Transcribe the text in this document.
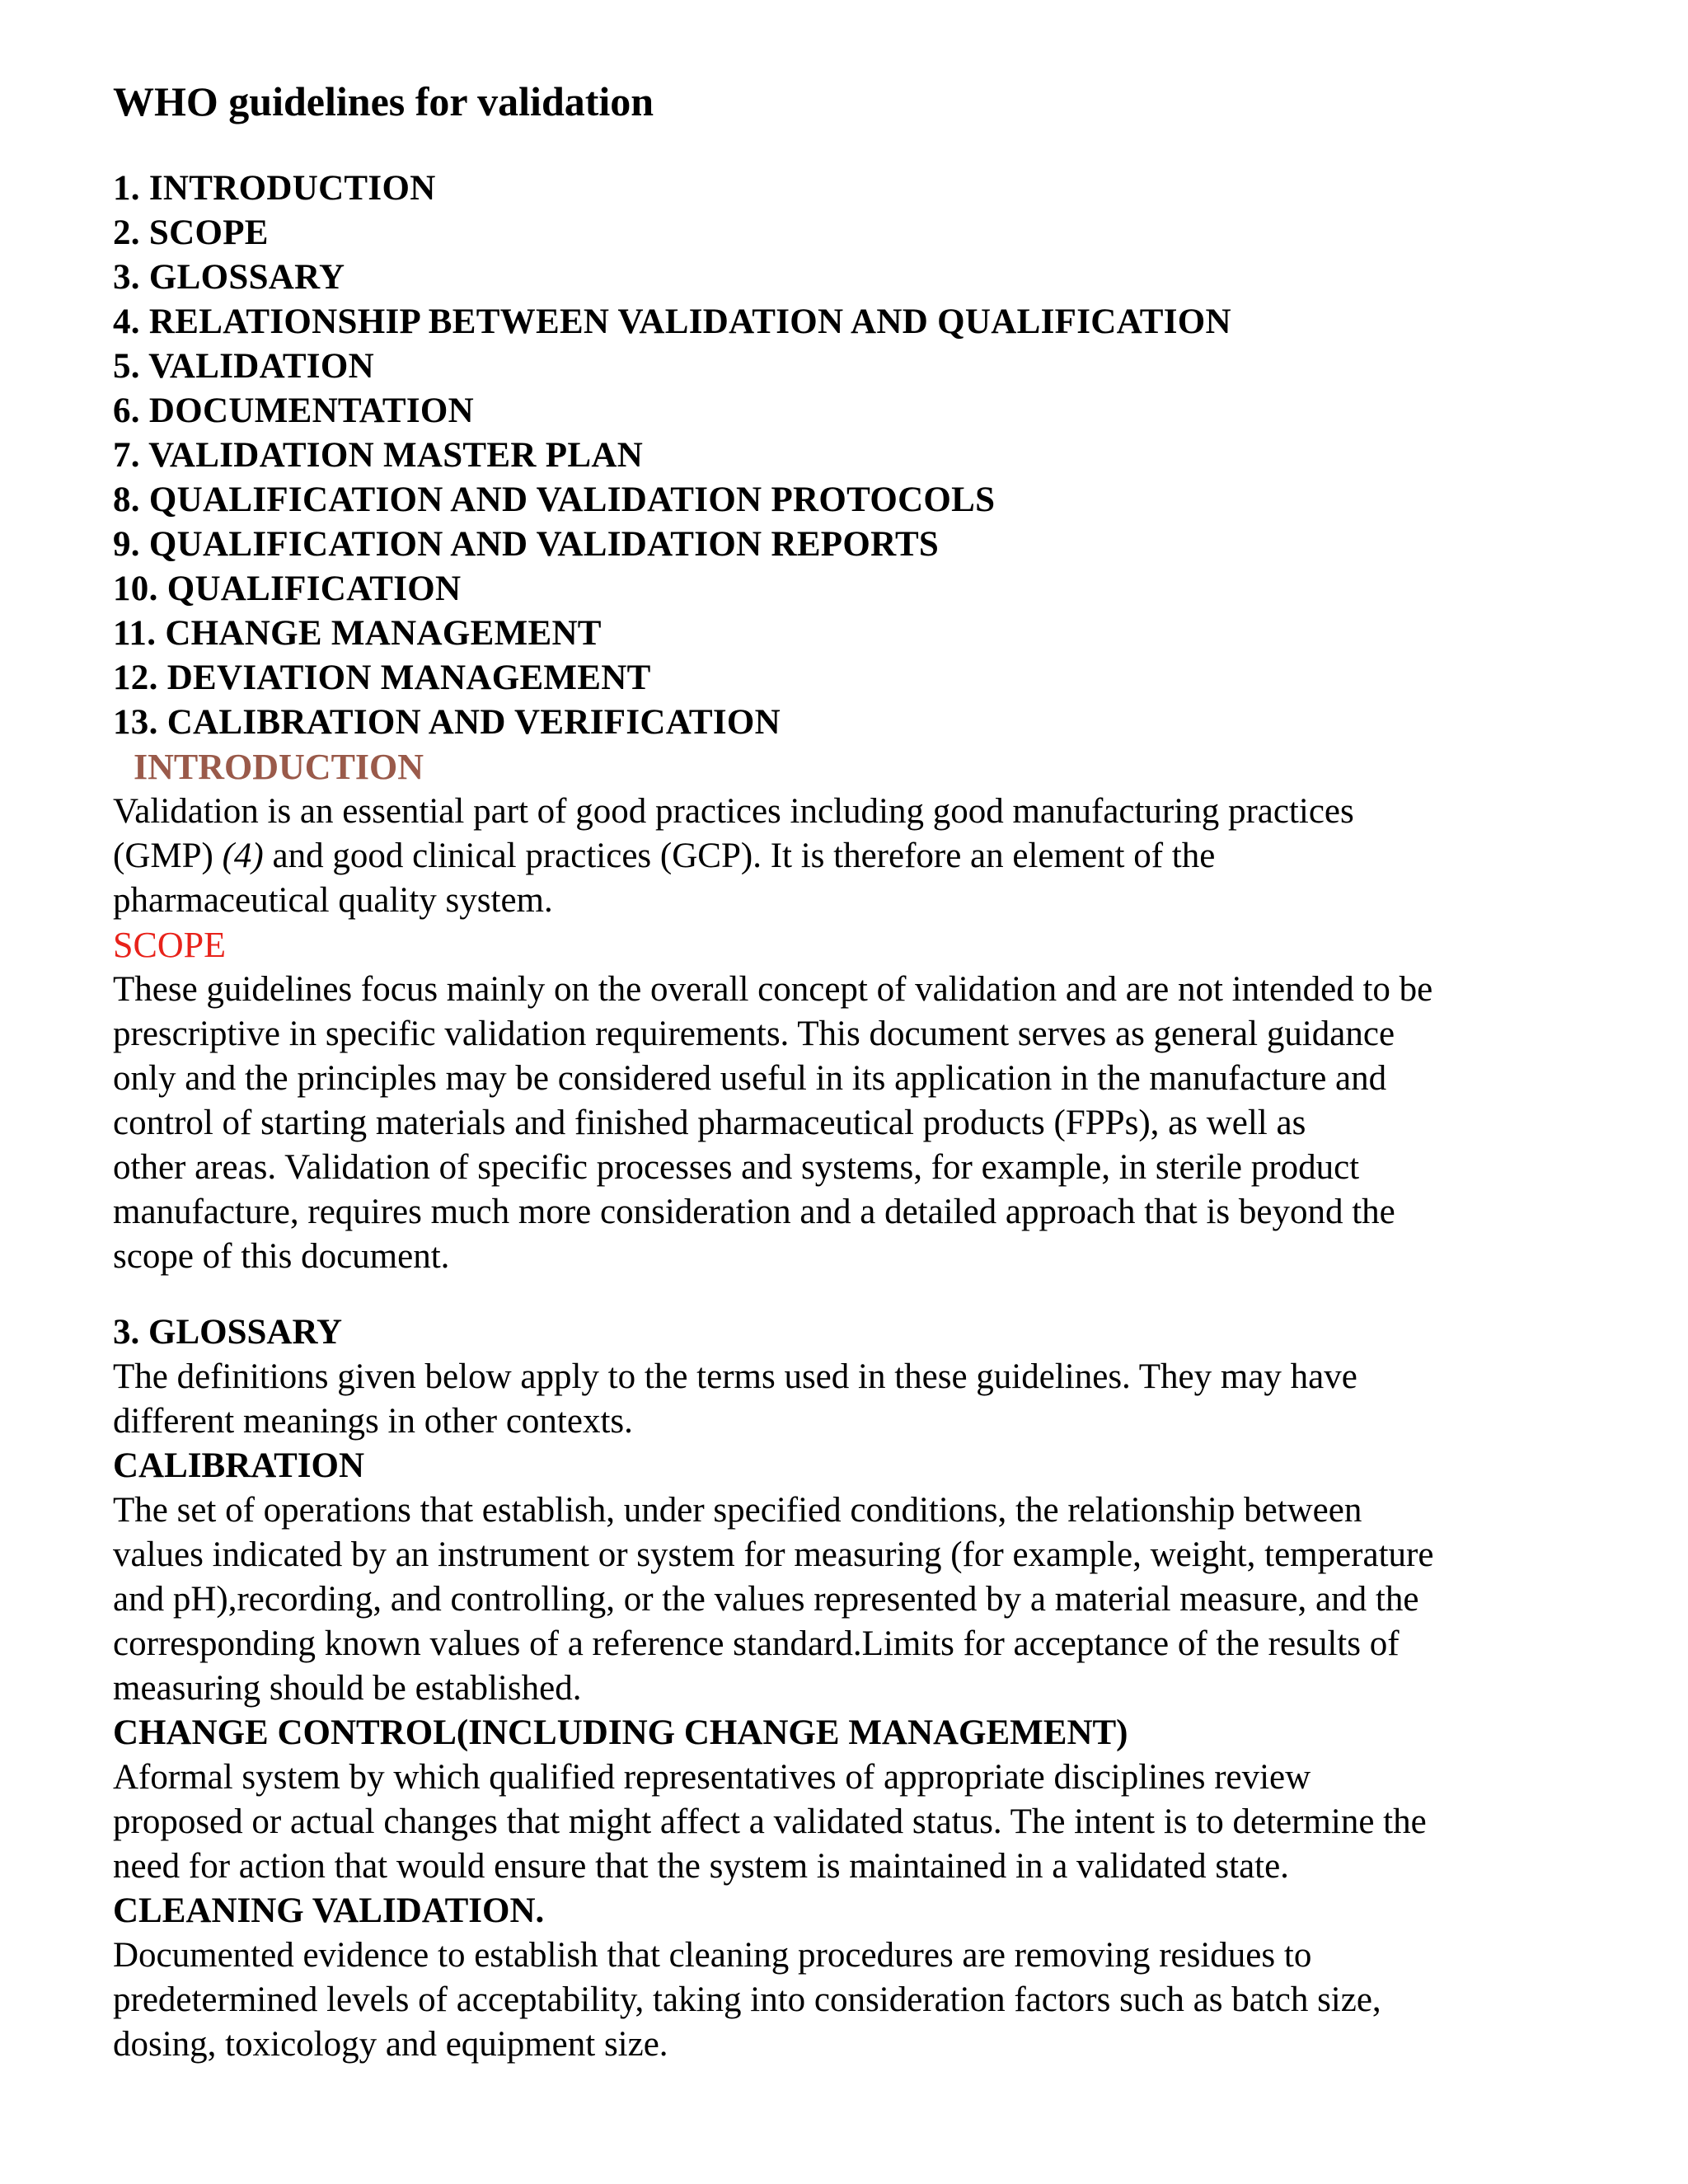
WHO guidelines for validation
1. INTRODUCTION
2. SCOPE
3. GLOSSARY
4. RELATIONSHIP BETWEEN VALIDATION AND QUALIFICATION
5. VALIDATION
6. DOCUMENTATION
7. VALIDATION MASTER PLAN
8. QUALIFICATION AND VALIDATION PROTOCOLS
9. QUALIFICATION AND VALIDATION REPORTS
10. QUALIFICATION
11. CHANGE MANAGEMENT
12. DEVIATION MANAGEMENT
13. CALIBRATION AND VERIFICATION

INTRODUCTION

Validation is an essential part of good practices including good manufacturing practices
(GMP) (4) and good clinical practices (GCP). It is therefore an element of the
pharmaceutical quality system.

SCOPE

These guidelines focus mainly on the overall concept of validation and are not intended to be
prescriptive in specific validation requirements. This document serves as general guidance
only and the principles may be considered useful in its application in the manufacture and
control of starting materials and finished pharmaceutical products (FPPs), as well as
other areas. Validation of specific processes and systems, for example, in sterile product
manufacture, requires much more consideration and a detailed approach that is beyond the
scope of this document.

3. GLOSSARY

The definitions given below apply to the terms used in these guidelines. They may have
different meanings in other contexts.

CALIBRATION

The set of operations that establish, under specified conditions, the relationship between
values indicated by an instrument or system for measuring (for example, weight, temperature
and pH),recording, and controlling, or the values represented by a material measure, and the
corresponding known values of a reference standard.Limits for acceptance of the results of
measuring should be established.

CHANGE CONTROL(INCLUDING CHANGE MANAGEMENT)

Aformal system by which qualified representatives of appropriate disciplines review
proposed or actual changes that might affect a validated status. The intent is to determine the
need for action that would ensure that the system is maintained in a validated state.

CLEANING VALIDATION.

Documented evidence to establish that cleaning procedures are removing residues to
predetermined levels of acceptability, taking into consideration factors such as batch size,
dosing, toxicology and equipment size.
